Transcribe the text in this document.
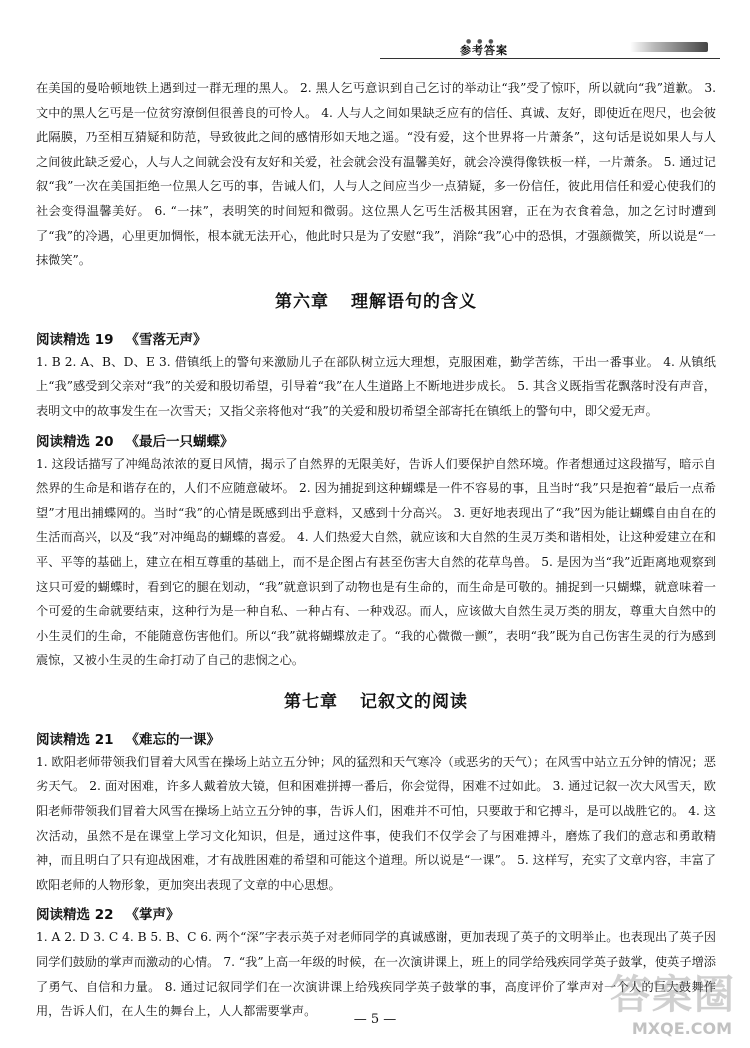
● ● ●
参考答案

在美国的曼哈顿地铁上遇到过一群无理的黑人。 2. 黑人乞丐意识到自己乞讨的举动让“我”受了惊吓，所以就向“我”道歉。 3. 文中的黑人乞丐是一位贫穷潦倒但很善良的可怜人。 4. 人与人之间如果缺乏应有的信任、真诚、友好，即使近在咫尺，也会彼此隔膜，乃至相互猜疑和防范，导致彼此之间的感情形如天地之遥。“没有爱，这个世界将一片萧条”，这句话是说如果人与人之间彼此缺乏爱心，人与人之间就会没有友好和关爱，社会就会没有温馨美好，就会冷漠得像铁板一样，一片萧条。 5. 通过记叙“我”一次在美国拒绝一位黑人乞丐的事，告诫人们，人与人之间应当少一点猜疑，多一份信任，彼此用信任和爱心使我们的社会变得温馨美好。 6. “一抹”，表明笑的时间短和微弱。这位黑人乞丐生活极其困窘，正在为衣食着急，加之乞讨时遭到了“我”的冷遇，心里更加惆怅，根本就无法开心，他此时只是为了安慰“我”，消除“我”心中的恐惧，才强颜微笑，所以说是“一抹微笑”。

第六章 理解语句的含义
阅读精选 19 《雪落无声》

1. B 2. A、B、D、E 3. 借镇纸上的警句来激励儿子在部队树立远大理想，克服困难，勤学苦练，干出一番事业。 4. 从镇纸上“我”感受到父亲对“我”的关爱和殷切希望，引导着“我”在人生道路上不断地进步成长。 5. 其含义既指雪花飘落时没有声音，表明文中的故事发生在一次雪天；又指父亲将他对“我”的关爱和殷切希望全部寄托在镇纸上的警句中，即父爱无声。

阅读精选 20 《最后一只蝴蝶》

1. 这段话描写了冲绳岛浓浓的夏日风情，揭示了自然界的无限美好，告诉人们要保护自然环境。作者想通过这段描写，暗示自然界的生命是和谐存在的，人们不应随意破坏。 2. 因为捕捉到这种蝴蝶是一件不容易的事，且当时“我”只是抱着“最后一点希望”才甩出捕蝶网的。当时“我”的心情是既感到出乎意料，又感到十分高兴。 3. 更好地表现出了“我”因为能让蝴蝶自由自在的生活而高兴，以及“我”对冲绳岛的蝴蝶的喜爱。 4. 人们热爱大自然，就应该和大自然的生灵万类和谐相处，让这种爱建立在和平、平等的基础上，建立在相互尊重的基础上，而不是企图占有甚至伤害大自然的花草鸟兽。 5. 是因为当“我”近距离地观察到这只可爱的蝴蝶时，看到它的腿在划动，“我”就意识到了动物也是有生命的，而生命是可敬的。捕捉到一只蝴蝶，就意味着一个可爱的生命就要结束，这种行为是一种自私、一种占有、一种戏忍。而人，应该做大自然生灵万类的朋友，尊重大自然中的小生灵们的生命，不能随意伤害他们。所以“我”就将蝴蝶放走了。“我的心微微一颤”，表明“我”既为自己伤害生灵的行为感到震惊，又被小生灵的生命打动了自己的悲悯之心。

第七章 记叙文的阅读
阅读精选 21 《难忘的一课》

1. 欧阳老师带领我们冒着大风雪在操场上站立五分钟；风的猛烈和天气寒冷（或恶劣的天气）；在风雪中站立五分钟的情况；恶劣天气。 2. 面对困难，许多人戴着放大镜，但和困难拼搏一番后，你会觉得，困难不过如此。 3. 通过记叙一次大风雪天，欧阳老师带领我们冒着大风雪在操场上站立五分钟的事，告诉人们，困难并不可怕，只要敢于和它搏斗，是可以战胜它的。 4. 这次活动，虽然不是在课堂上学习文化知识，但是，通过这件事，使我们不仅学会了与困难搏斗，磨炼了我们的意志和勇敢精神，而且明白了只有迎战困难，才有战胜困难的希望和可能这个道理。所以说是“一课”。 5. 这样写，充实了文章内容，丰富了欧阳老师的人物形象，更加突出表现了文章的中心思想。

阅读精选 22 《掌声》

1. A 2. D 3. C 4. B 5. B、C 6. 两个“深”字表示英子对老师同学的真诚感谢，更加表现了英子的文明举止。也表现出了英子因同学们鼓励的掌声而激动的心情。 7. “我”上高一年级的时候，在一次演讲课上，班上的同学给残疾同学英子鼓掌，使英子增添了勇气、自信和力量。 8. 通过记叙同学们在一次演讲课上给残疾同学英子鼓掌的事，高度评价了掌声对一个人的巨大鼓舞作用，告诉人们，在人生的舞台上，人人都需要掌声。

— 5 —
答案圈
MXQE.COM
